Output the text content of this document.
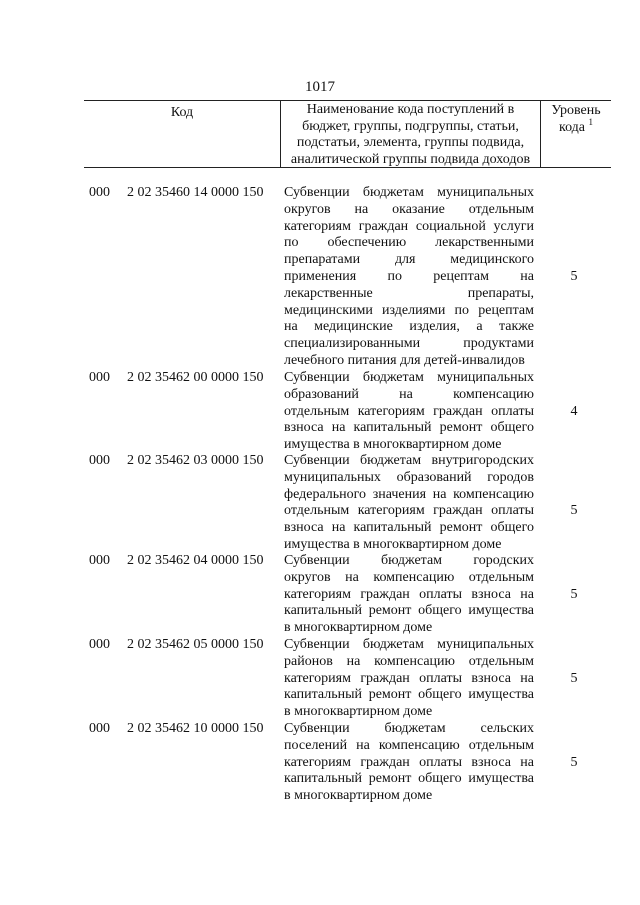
1017
Код	Наименование кода поступлений в
бюджет, группы, подгруппы, статьи,
подстатьи, элемента, группы подвида,
аналитической группы подвида доходов
Уровень
кода $^1$
000	2 02 35460 14 0000 150	Субвенции бюджетам муниципальных
округов на оказание отдельным
категориям граждан социальной услуги
по обеспечению лекарственными
препаратами для медицинского
применения по рецептам на
лекарственные препараты,
медицинскими изделиями по рецептам
на медицинские изделия, а также
специализированными продуктами
лечебного питания для детей-инвалидов
5
000	2 02 35462 00 0000 150	Субвенции бюджетам муниципальных
образований на компенсацию
отдельным категориям граждан оплаты
взноса на капитальный ремонт общего
имущества в многоквартирном доме
4
000	2 02 35462 03 0000 150	Субвенции бюджетам внутригородских
муниципальных образований городов
федерального значения на компенсацию
отдельным категориям граждан оплаты
взноса на капитальный ремонт общего
имущества в многоквартирном доме
5
000	2 02 35462 04 0000 150	Субвенции бюджетам городских
округов на компенсацию отдельным
категориям граждан оплаты взноса на
капитальный ремонт общего имущества
в многоквартирном доме
5
000	2 02 35462 05 0000 150	Субвенции бюджетам муниципальных
районов на компенсацию отдельным
категориям граждан оплаты взноса на
капитальный ремонт общего имущества
в многоквартирном доме
5
000	2 02 35462 10 0000 150	Субвенции бюджетам сельских
поселений на компенсацию отдельным
категориям граждан оплаты взноса на
капитальный ремонт общего имущества
в многоквартирном доме
5
